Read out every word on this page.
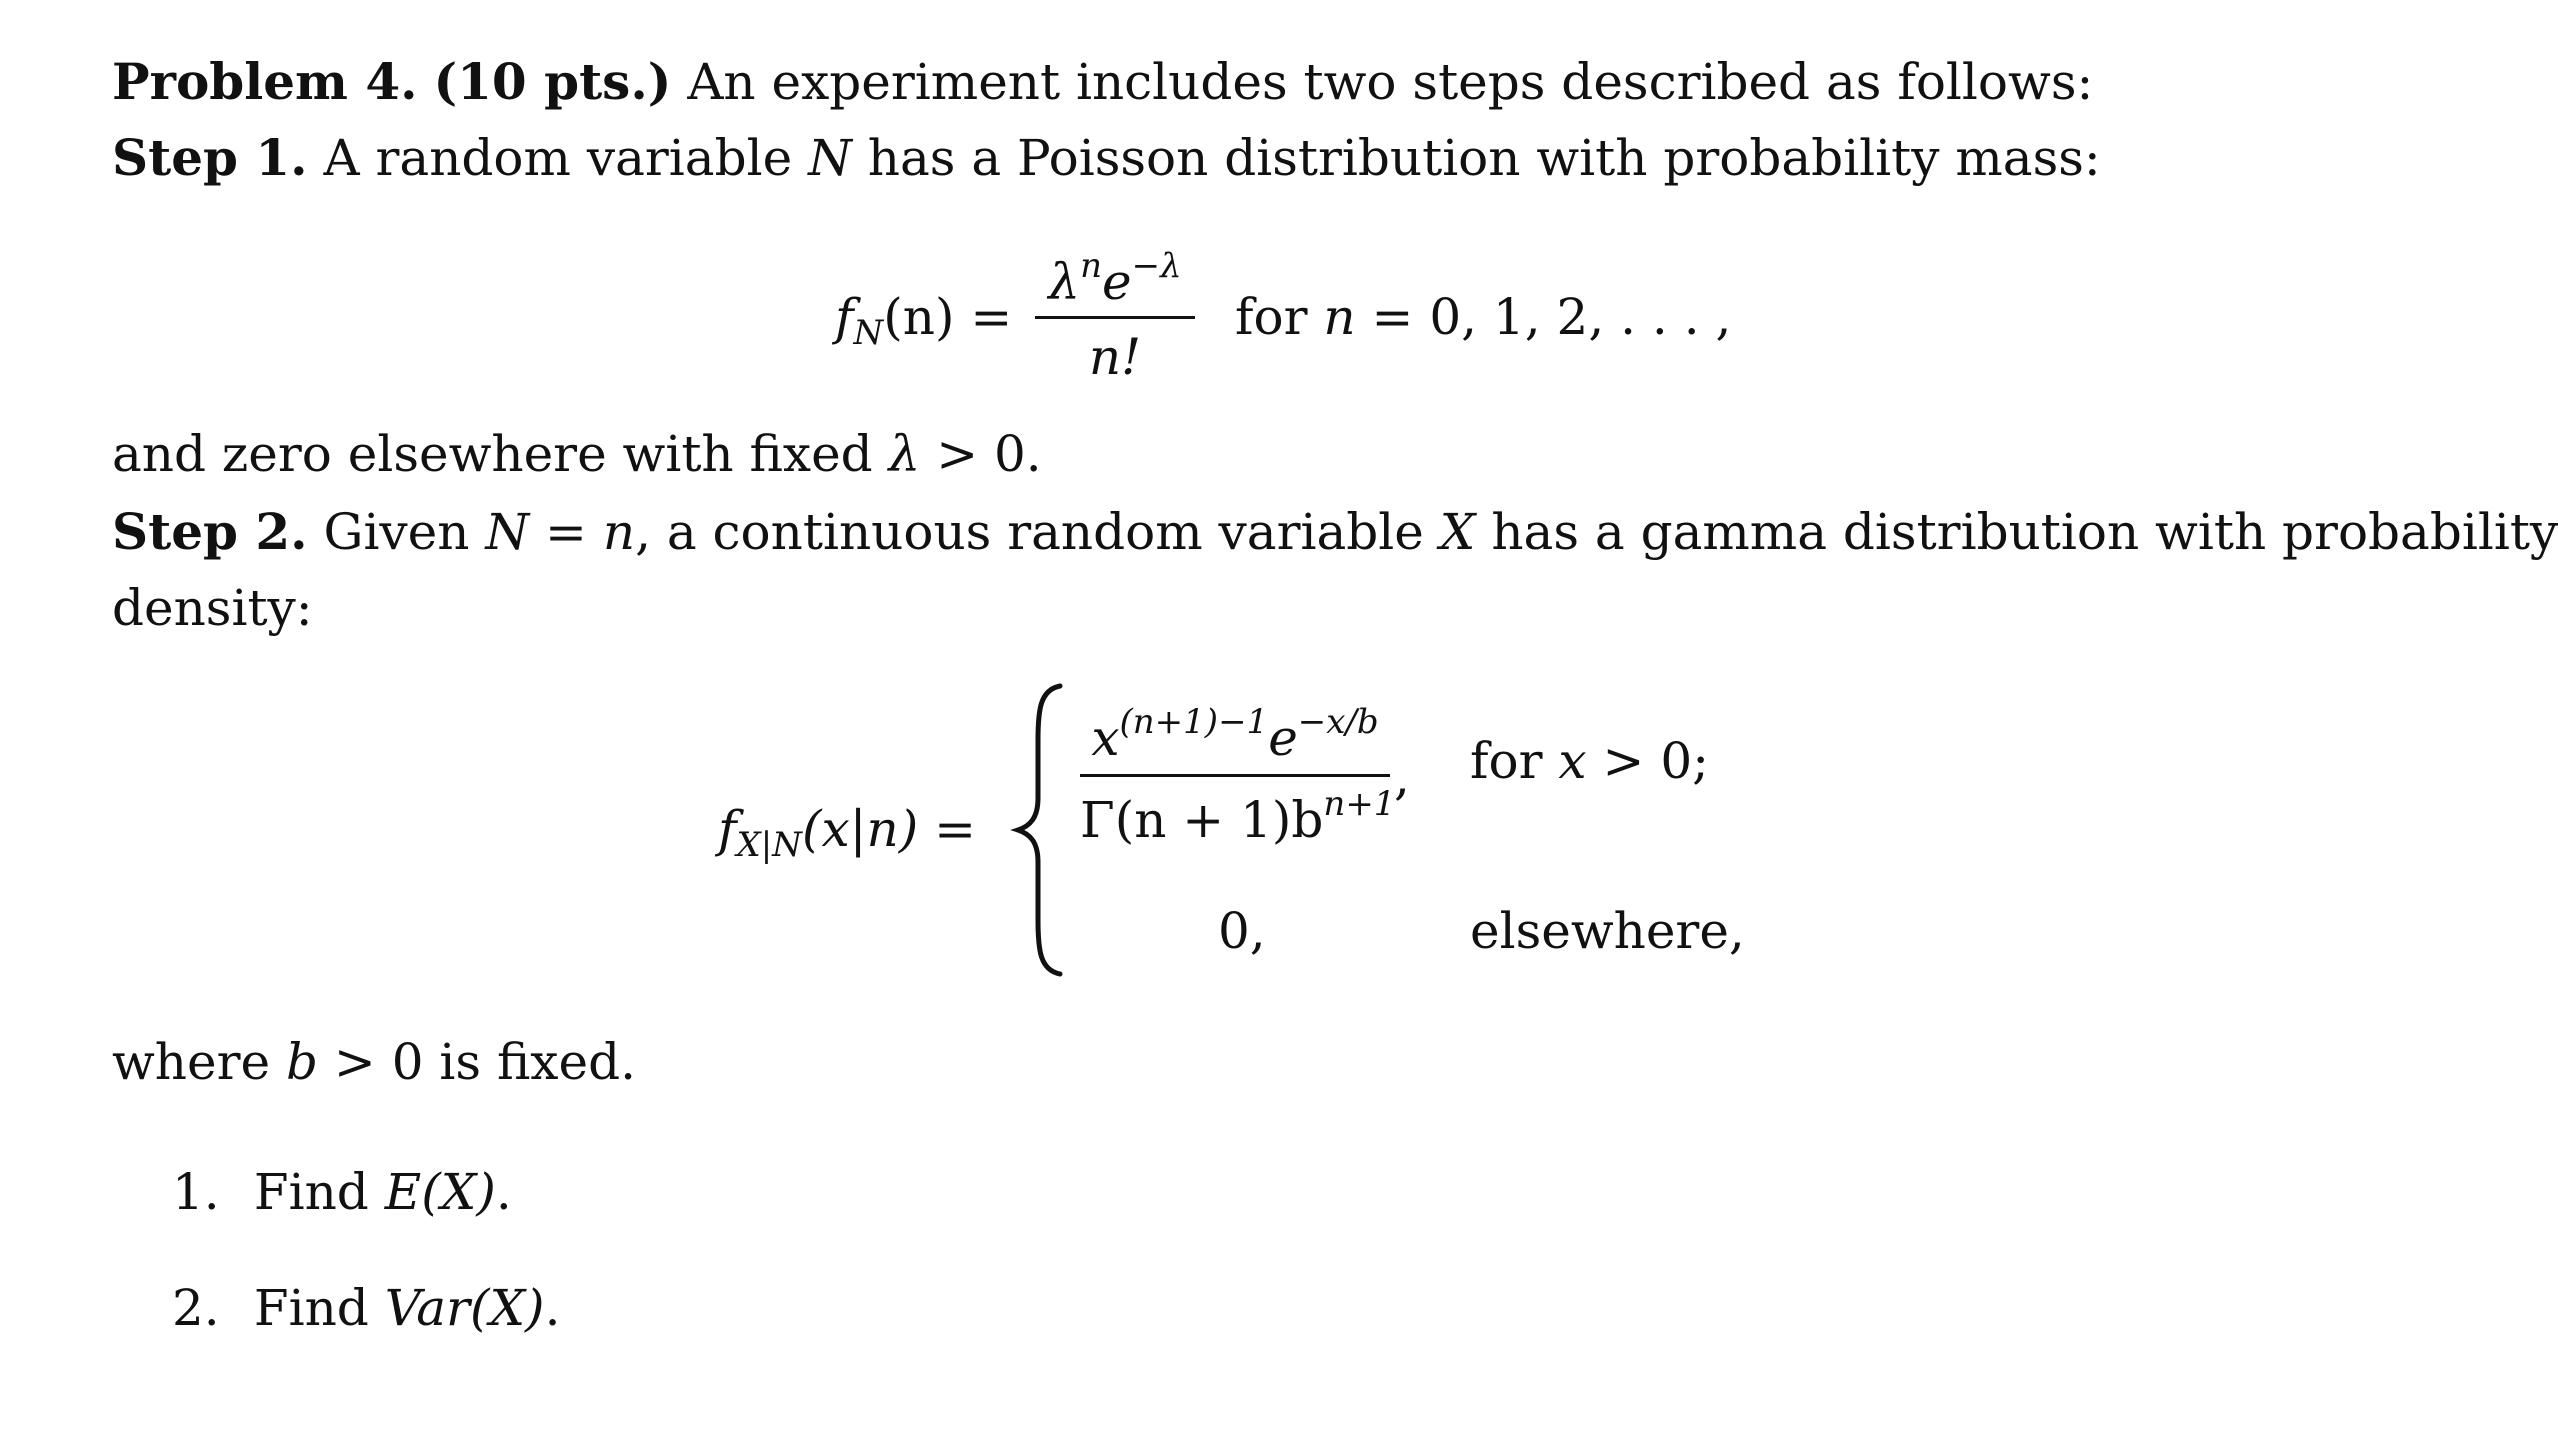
Problem 4. (10 pts.) An experiment includes two steps described as follows:
Step 1. A random variable N has a Poisson distribution with probability mass:
$f_N(n)$ =
$\lambda^ne^{-\lambda}$
n!
for n = 0, 1, 2, . . . ,
and zero elsewhere with fixed λ > 0.
Step 2. Given N = n, a continuous random variable X has a gamma distribution with probability
density:
$f_{X|N}(x|n)$ =
$x^{(n+1)-1}e^{-x/b}$
$\Gamma(n + 1)b^{n+1}$
, for x > 0;
0,	elsewhere,
where b > 0 is fixed.
1. Find E(X).
2. Find Var(X).
